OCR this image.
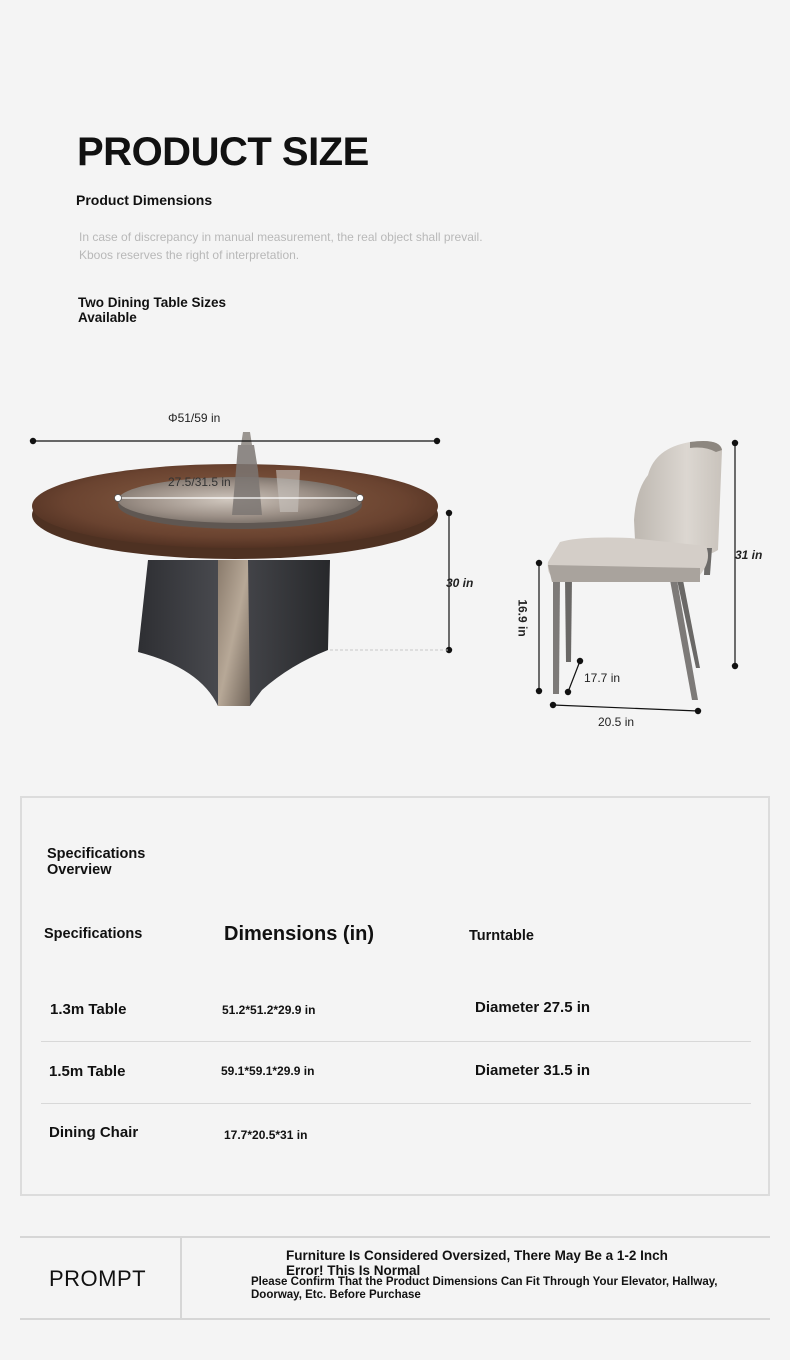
PRODUCT SIZE
Product Dimensions
In case of discrepancy in manual measurement, the real object shall prevail.
Kboos reserves the right of interpretation.
Two Dining Table Sizes Available
Φ51/59 in
27.5/31.5 in
30 in
31 in
16.9 in
17.7 in
20.5 in
Specifications Overview
Specifications	Dimensions (in)	Turntable
1.3m Table	51.2*51.2*29.9 in	Diameter 27.5 in
1.5m Table	59.1*59.1*29.9 in	Diameter 31.5 in
Dining Chair	17.7*20.5*31 in
PROMPT
Furniture Is Considered Oversized, There May Be a 1-2 Inch Error! This Is Normal
Please Confirm That the Product Dimensions Can Fit Through Your Elevator, Hallway, Doorway, Etc. Before Purchase
